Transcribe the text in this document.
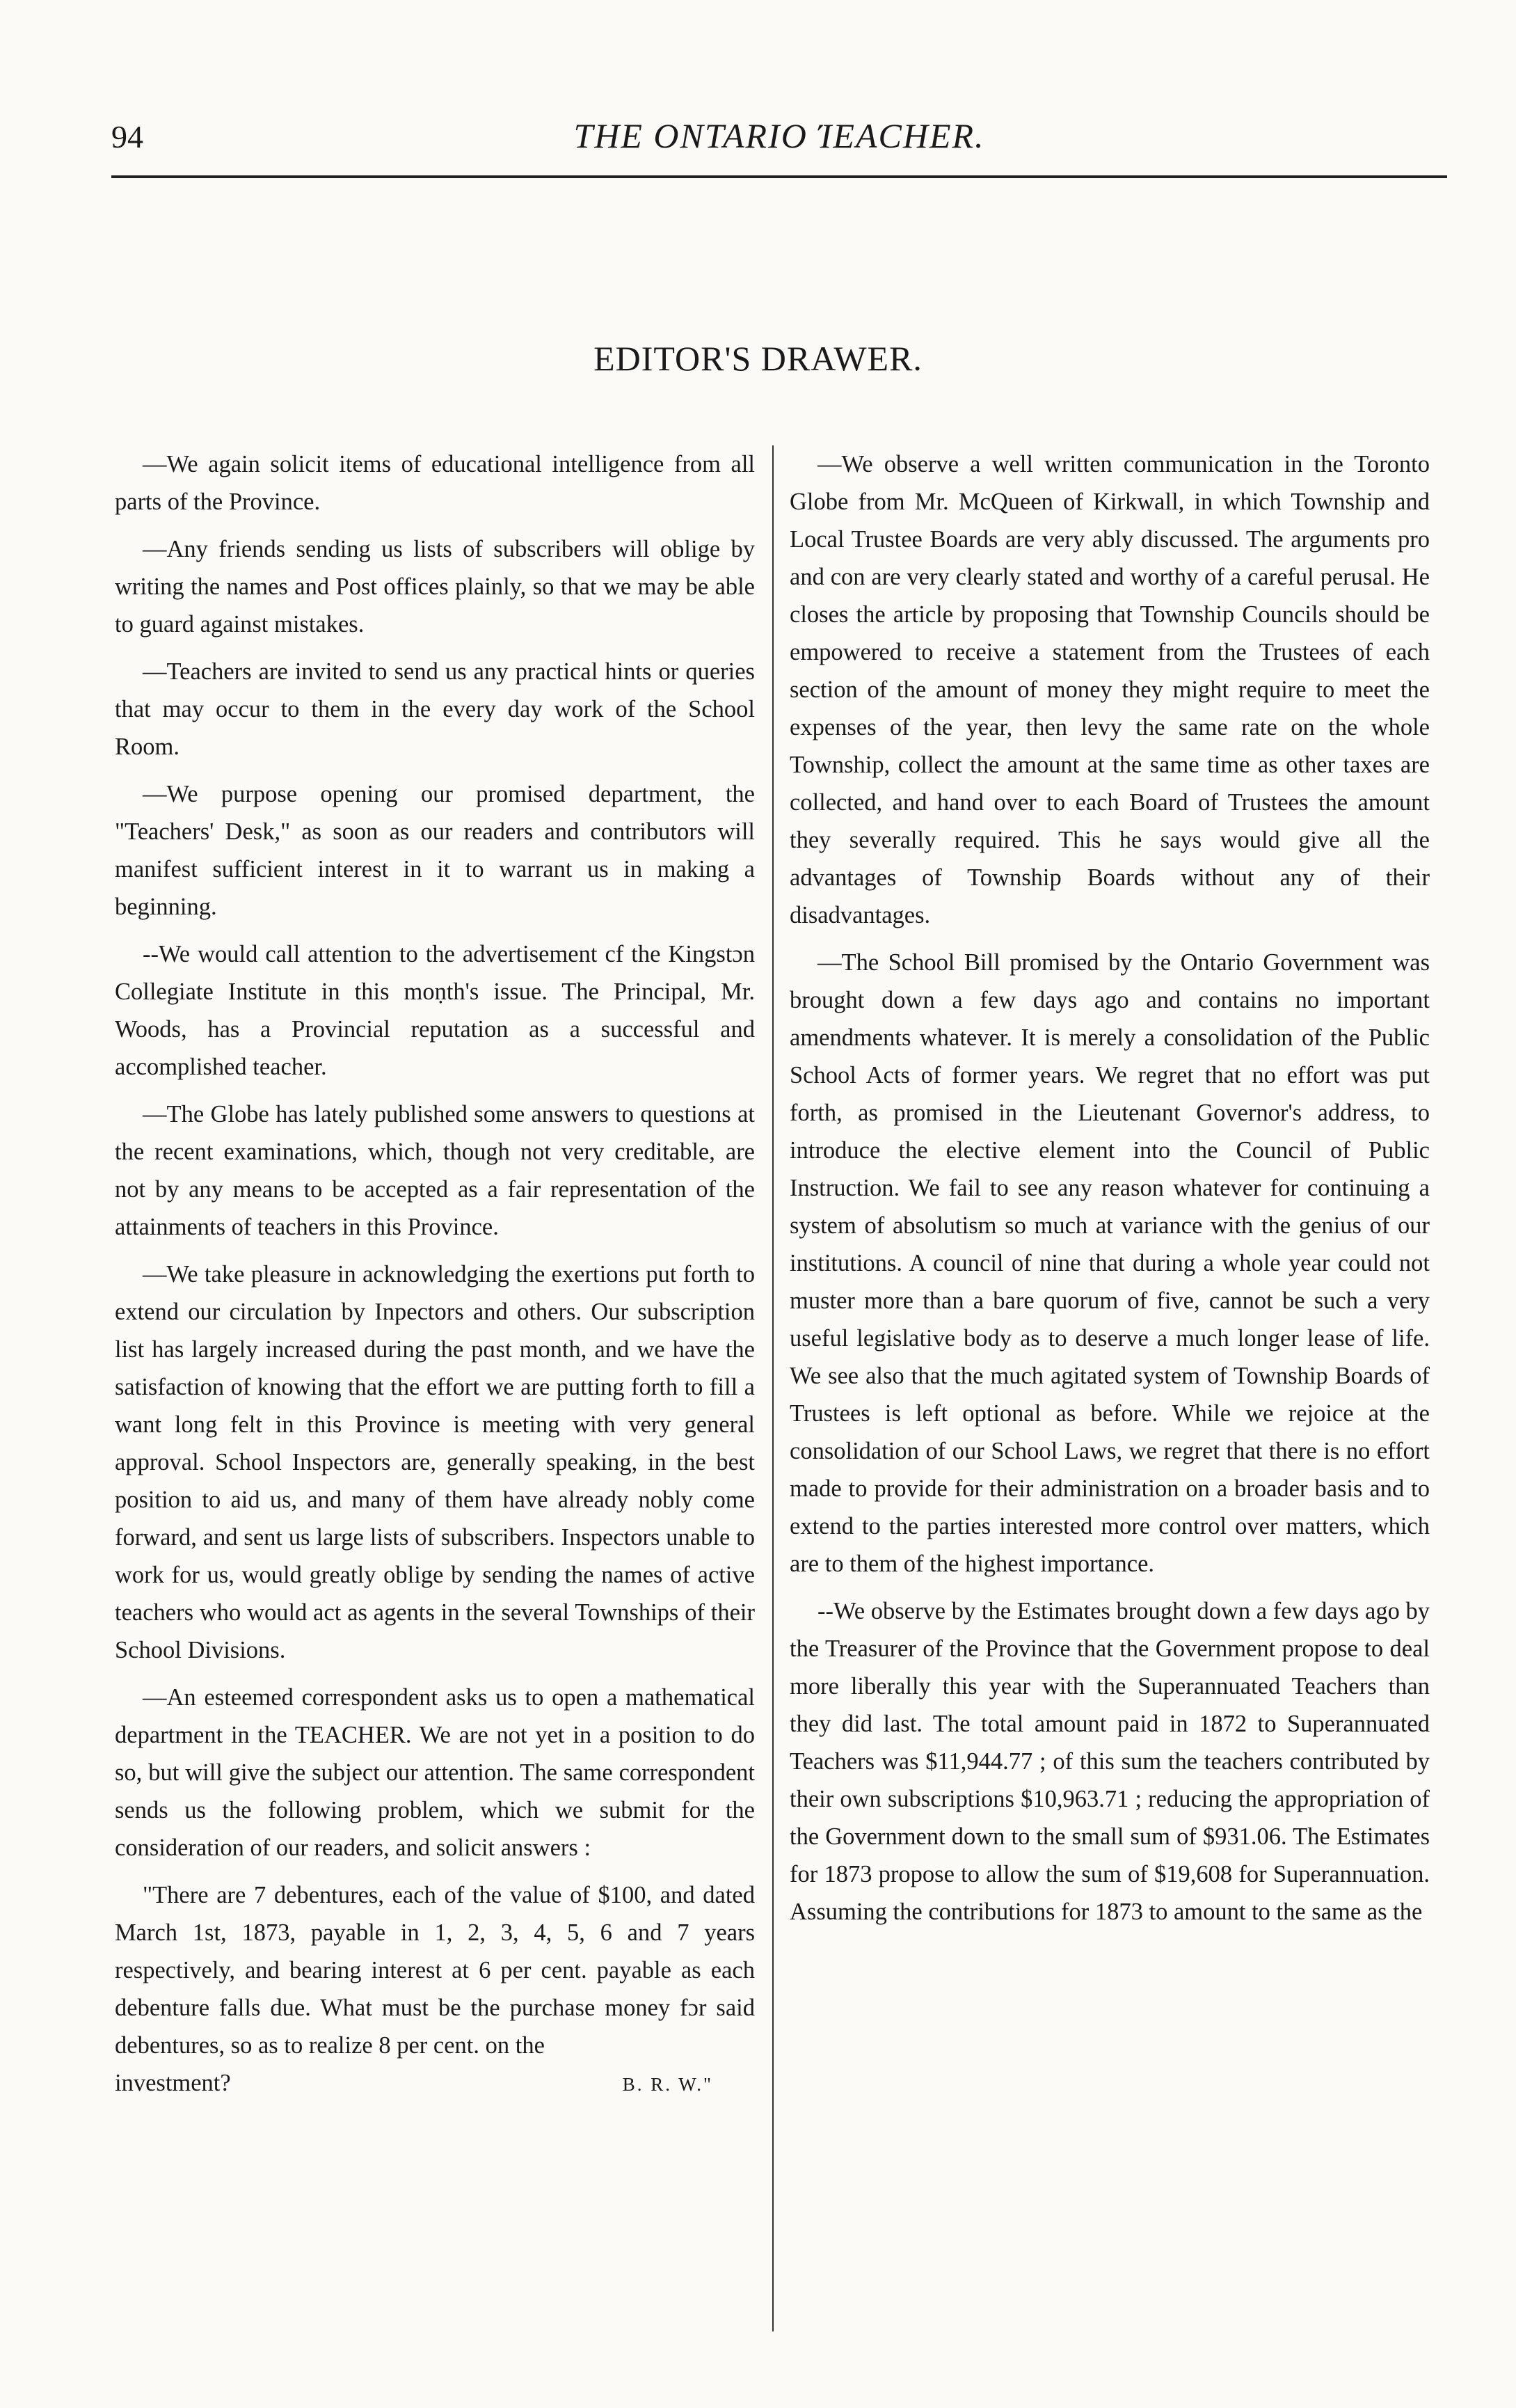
94	THE ONTARIO ΊEACHER.
EDITOR'S DRAWER.

—We again solicit items of educational intelligence from all parts of the Province.

—Any friends sending us lists of subscribers will oblige by writing the names and Post offices plainly, so that we may be able to guard against mistakes.

—Teachers are invited to send us any practical hints or queries that may occur to them in the every day work of the School Room.

—We purpose opening our promised department, the "Teachers' Desk," as soon as our readers and contributors will manifest sufficient interest in it to warrant us in making a beginning.

--We would call attention to the advertisement cf the Kingstɔn Collegiate Institute in this moṇth's issue. The Principal, Mr. Woods, has a Provincial reputation as a successful and accomplished teacher.

—The Globe has lately published some answers to questions at the recent examinations, which, though not very creditable, are not by any means to be accepted as a fair representation of the attainments of teachers in this Province.

—We take pleasure in acknowledging the exertions put forth to extend our circulation by Inpectors and others. Our subscription list has largely increased during the pɑst month, and we have the satisfaction of knowing that the effort we are putting forth to fill a want long felt in this Province is meeting with very general approval. School Inspectors are, generally speaking, in the best position to aid us, and many of them have already nobly come forward, and sent us large lists of subscribers. Inspectors unable to work for us, would greatly oblige by sending the names of active teachers who would act as agents in the several Townships of their School Divisions.

—An esteemed correspondent asks us to open a mathematical department in the TEACHER. We are not yet in a position to do so, but will give the subject our attention. The same correspondent sends us the following problem, which we submit for the consideration of our readers, and solicit answers :

"There are 7 debentures, each of the value of $100, and dated March 1st, 1873, payable in 1, 2, 3, 4, 5, 6 and 7 years respectively, and bearing interest at 6 per cent. payable as each debenture falls due. What must be the purchase money fɔr said debentures, so as to realize 8 per cent. on the

investment?	B. R. W."

—We observe a well written communication in the Toronto Globe from Mr. McQueen of Kirkwall, in which Township and Local Trustee Boards are very ably discussed. The arguments pro and con are very clearly stated and worthy of a careful perusal. He closes the article by proposing that Township Councils should be empowered to receive a statement from the Trustees of each section of the amount of money they might require to meet the expenses of the year, then levy the same rate on the whole Township, collect the amount at the same time as other taxes are collected, and hand over to each Board of Trustees the amount they severally required. This he says would give all the advantages of Township Boards without any of their disadvantages.

—The School Bill promised by the Ontario Government was brought down a few days ago and contains no important amendments whatever. It is merely a consolidation of the Public School Acts of former years. We regret that no effort was put forth, as promised in the Lieutenant Governor's address, to introduce the elective element into the Council of Public Instruction. We fail to see any reason whatever for continuing a system of absolutism so much at variance with the genius of our institutions. A council of nine that during a whole year could not muster more than a bare quorum of five, cannot be such a very useful legislative body as to deserve a much longer lease of life. We see also that the much agitated system of Township Boards of Trustees is left optional as before. While we rejoice at the consolidation of our School Laws, we regret that there is no effort made to provide for their administration on a broader basis and to extend to the parties interested more control over matters, which are to them of the highest importance.

--We observe by the Estimates brought down a few days ago by the Treasurer of the Province that the Government propose to deal more liberally this year with the Superannuated Teachers than they did last. The total amount paid in 1872 to Superannuated Teachers was $11,944.77 ; of this sum the teachers contributed by their own subscriptions $10,963.71 ; reducing the appropriation of the Government down to the small sum of $931.06. The Estimates for 1873 propose to allow the sum of $19,608 for Superannuation. Assuming the contributions for 1873 to amount to the same as the
